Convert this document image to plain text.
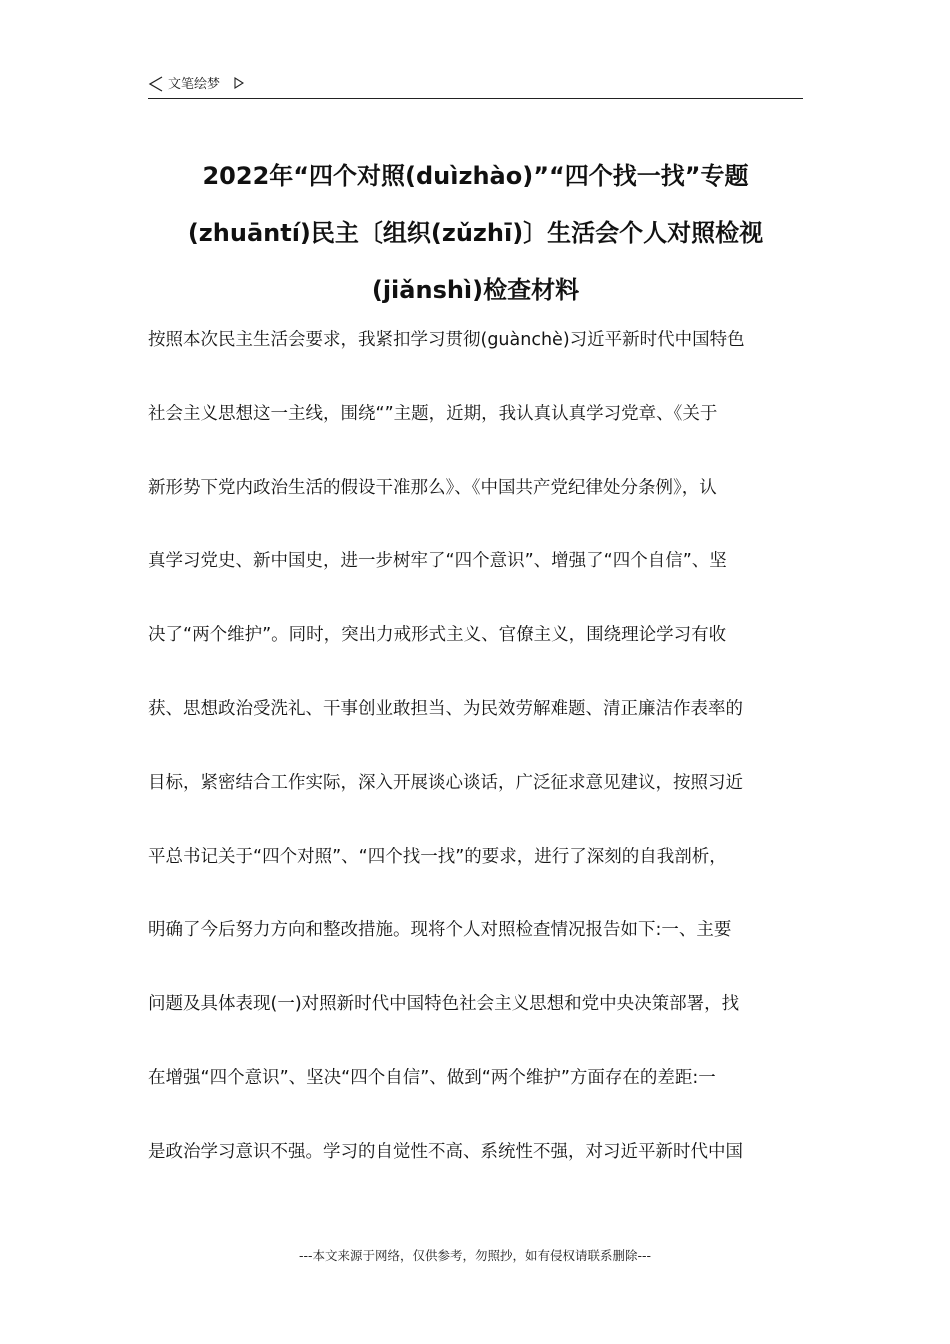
文笔绘梦
2022年“四个对照(duìzhào)”“四个找一找”专题
(zhuāntí)民主〔组织(zǔzhī)〕生活会个人对照检视
(jiǎnshì)检查材料
按照本次民主生活会要求，我紧扣学习贯彻(guànchè)习近平新时代中国特色
社会主义思想这一主线，围绕“”主题，近期，我认真认真学习党章、《关于
新形势下党内政治生活的假设干准那么》、《中国共产党纪律处分条例》，认
真学习党史、新中国史，进一步树牢了“四个意识”、增强了“四个自信”、坚
决了“两个维护”。同时，突出力戒形式主义、官僚主义，围绕理论学习有收
获、思想政治受洗礼、干事创业敢担当、为民效劳解难题、清正廉洁作表率的
目标，紧密结合工作实际，深入开展谈心谈话，广泛征求意见建议，按照习近
平总书记关于“四个对照”、“四个找一找”的要求，进行了深刻的自我剖析，
明确了今后努力方向和整改措施。现将个人对照检查情况报告如下:一、主要
问题及具体表现(一)对照新时代中国特色社会主义思想和党中央决策部署，找
在增强“四个意识”、坚决“四个自信”、做到“两个维护”方面存在的差距:一
是政治学习意识不强。学习的自觉性不高、系统性不强，对习近平新时代中国
---本文来源于网络，仅供参考，勿照抄，如有侵权请联系删除---
